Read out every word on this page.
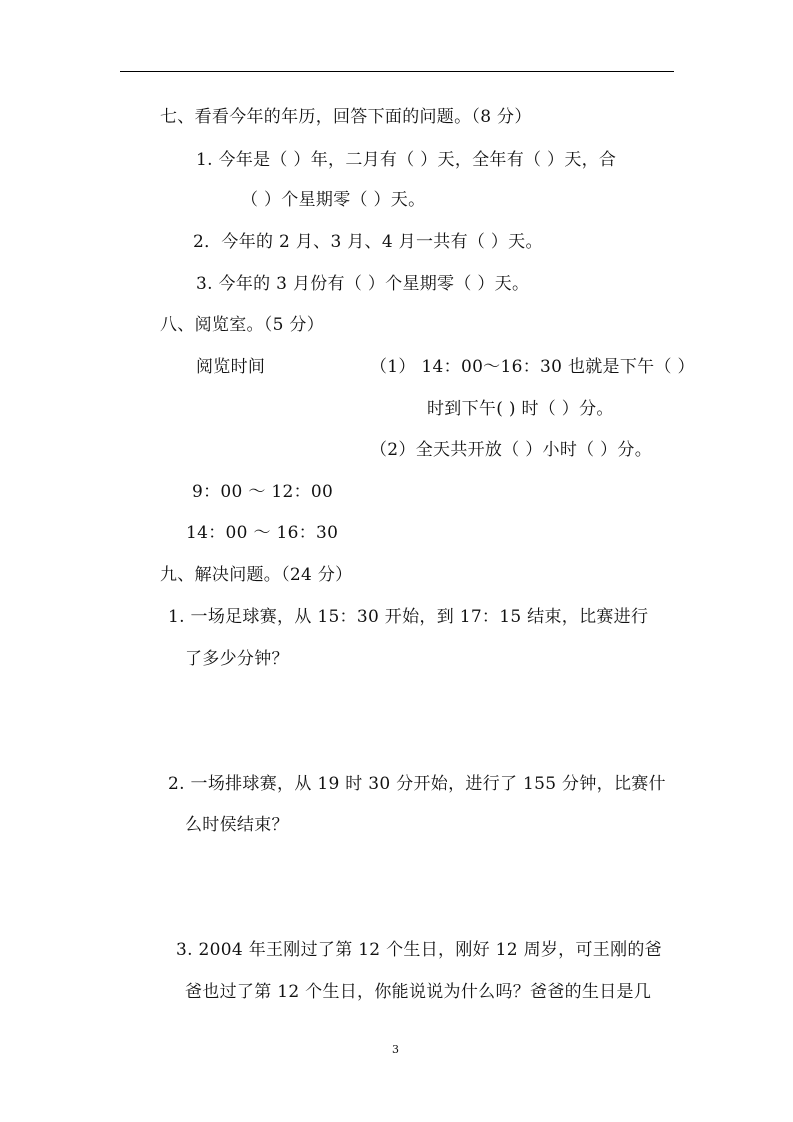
七、看看今年的年历，回答下面的问题。（8 分）
1. 今年是（ ）年，二月有（ ）天，全年有（ ）天，合
（ ）个星期零（ ）天。
2．今年的 2 月、3 月、4 月一共有（ ）天。
3. 今年的 3 月份有（ ）个星期零（ ）天。
八、阅览室。（5 分）
阅览时间	（1） 14：00～16：30 也就是下午（ ）
时到下午( ) 时（ ）分。
（2）全天共开放（ ）小时（ ）分。
9：00 ～ 12：00
14：00 ～ 16：30
九、解决问题。（24 分）
1. 一场足球赛，从 15：30 开始，到 17：15 结束，比赛进行
了多少分钟？
2. 一场排球赛，从 19 时 30 分开始，进行了 155 分钟，比赛什
么时侯结束？
3. 2004 年王刚过了第 12 个生日，刚好 12 周岁，可王刚的爸
爸也过了第 12 个生日，你能说说为什么吗？爸爸的生日是几
3
